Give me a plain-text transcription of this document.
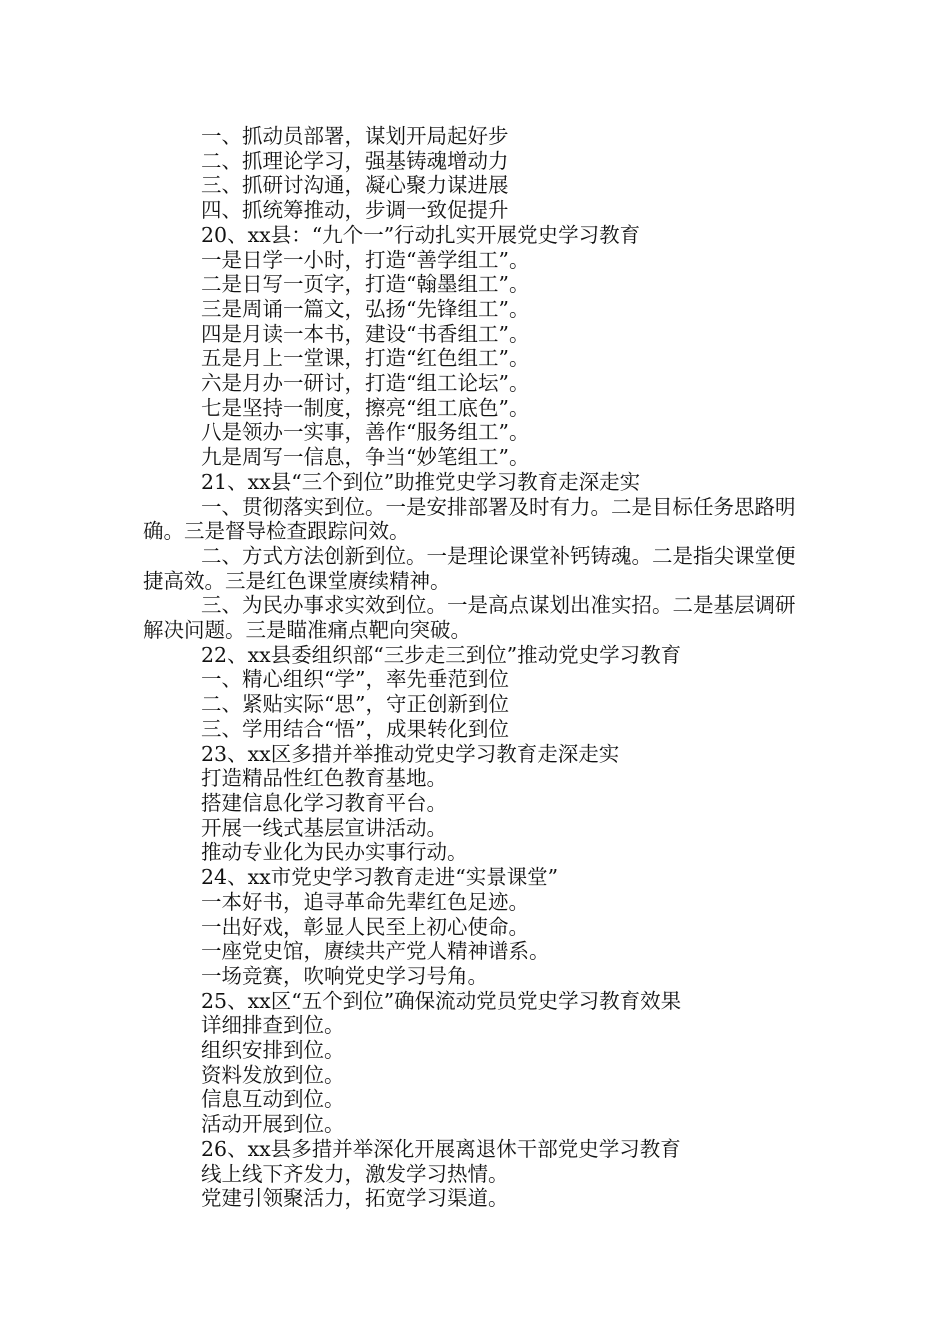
一、抓动员部署，谋划开局起好步

二、抓理论学习，强基铸魂增动力

三、抓研讨沟通，凝心聚力谋进展

四、抓统筹推动，步调一致促提升

20、xx县：“九个一”行动扎实开展党史学习教育

一是日学一小时，打造“善学组工”。

二是日写一页字，打造“翰墨组工”。

三是周诵一篇文，弘扬“先锋组工”。

四是月读一本书，建设“书香组工”。

五是月上一堂课，打造“红色组工”。

六是月办一研讨，打造“组工论坛”。

七是坚持一制度，擦亮“组工底色”。

八是领办一实事，善作“服务组工”。

九是周写一信息，争当“妙笔组工”。

21、xx县“三个到位”助推党史学习教育走深走实

一、贯彻落实到位。一是安排部署及时有力。二是目标任务思路明确。三是督导检查跟踪问效。

二、方式方法创新到位。一是理论课堂补钙铸魂。二是指尖课堂便捷高效。三是红色课堂赓续精神。

三、为民办事求实效到位。一是高点谋划出准实招。二是基层调研解决问题。三是瞄准痛点靶向突破。

22、xx县委组织部“三步走三到位”推动党史学习教育

一、精心组织“学”，率先垂范到位

二、紧贴实际“思”，守正创新到位

三、学用结合“悟”，成果转化到位

23、xx区多措并举推动党史学习教育走深走实

打造精品性红色教育基地。

搭建信息化学习教育平台。

开展一线式基层宣讲活动。

推动专业化为民办实事行动。

24、xx市党史学习教育走进“实景课堂”

一本好书，追寻革命先辈红色足迹。

一出好戏，彰显人民至上初心使命。

一座党史馆，赓续共产党人精神谱系。

一场竞赛，吹响党史学习号角。

25、xx区“五个到位”确保流动党员党史学习教育效果

详细排查到位。

组织安排到位。

资料发放到位。

信息互动到位。

活动开展到位。

26、xx县多措并举深化开展离退休干部党史学习教育

线上线下齐发力，激发学习热情。

党建引领聚活力，拓宽学习渠道。
